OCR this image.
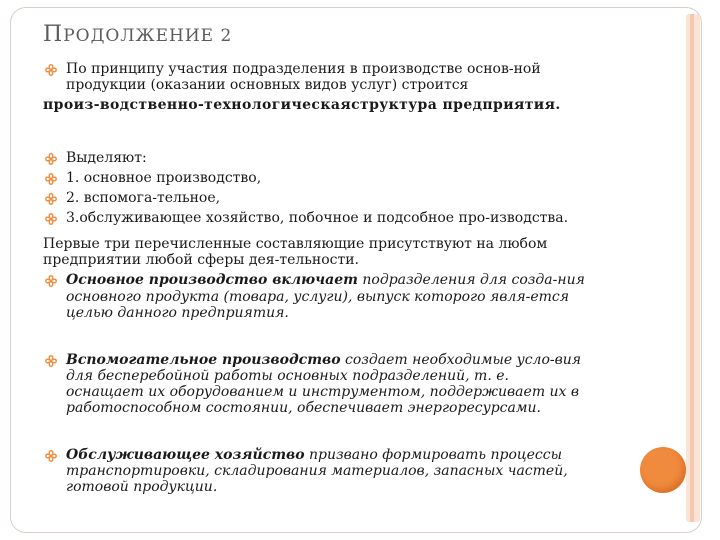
ПРОДОЛЖЕНИЕ 2
По принципу участия подразделения в производстве основ-ной
продукции (оказании основных видов услуг) строится
произ-водственно-технологическаяструктура предприятия.
Выделяют:
1. основное производство,
2. вспомога-тельное,
3.обслуживающее хозяйство, побочное и подсобное про-изводства.
Первые три перечисленные составляющие присутствуют на любом
предприятии любой сферы дея-тельности.
Основное производство включает подразделения для созда-ния
основного продукта (товара, услуги), выпуск которого явля-ется
целью данного предприятия.
Вспомогательное производство создает необходимые усло-вия
для бесперебойной работы основных подразделений, т. е.
оснащает их оборудованием и инструментом, поддерживает их в
работоспособном состоянии, обеспечивает энергоресурсами.
Обслуживающее хозяйство призвано формировать процессы
транспортировки, складирования материалов, запасных частей,
готовой продукции.
